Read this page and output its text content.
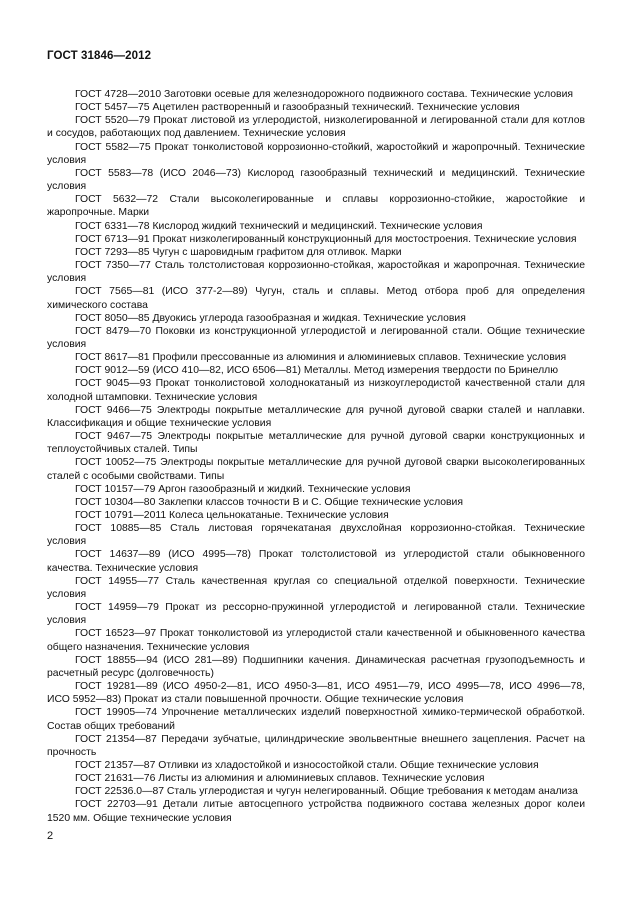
ГОСТ 31846—2012

ГОСТ 4728—2010 Заготовки осевые для железнодорожного подвижного состава. Технические условия

ГОСТ 5457—75 Ацетилен растворенный и газообразный технический. Технические условия

ГОСТ 5520—79 Прокат листовой из углеродистой, низколегированной и легированной стали для котлов и сосудов, работающих под давлением. Технические условия

ГОСТ 5582—75 Прокат тонколистовой коррозионно-стойкий, жаростойкий и жаропрочный. Технические условия

ГОСТ 5583—78 (ИСО 2046—73) Кислород газообразный технический и медицинский. Технические условия

ГОСТ 5632—72 Стали высоколегированные и сплавы коррозионно-стойкие, жаростойкие и жаропрочные. Марки

ГОСТ 6331—78 Кислород жидкий технический и медицинский. Технические условия

ГОСТ 6713—91 Прокат низколегированный конструкционный для мостостроения. Технические условия

ГОСТ 7293—85 Чугун с шаровидным графитом для отливок. Марки

ГОСТ 7350—77 Сталь толстолистовая коррозионно-стойкая, жаростойкая и жаропрочная. Технические условия

ГОСТ 7565—81 (ИСО 377-2—89) Чугун, сталь и сплавы. Метод отбора проб для определения химического состава

ГОСТ 8050—85 Двуокись углерода газообразная и жидкая. Технические условия

ГОСТ 8479—70 Поковки из конструкционной углеродистой и легированной стали. Общие технические условия

ГОСТ 8617—81 Профили прессованные из алюминия и алюминиевых сплавов. Технические условия

ГОСТ 9012—59 (ИСО 410—82, ИСО 6506—81) Металлы. Метод измерения твердости по Бринеллю

ГОСТ 9045—93 Прокат тонколистовой холоднокатаный из низкоуглеродистой качественной стали для холодной штамповки. Технические условия

ГОСТ 9466—75 Электроды покрытые металлические для ручной дуговой сварки сталей и наплавки. Классификация и общие технические условия

ГОСТ 9467—75 Электроды покрытые металлические для ручной дуговой сварки конструкционных и теплоустойчивых сталей. Типы

ГОСТ 10052—75 Электроды покрытые металлические для ручной дуговой сварки высоколегированных сталей с особыми свойствами. Типы

ГОСТ 10157—79 Аргон газообразный и жидкий. Технические условия

ГОСТ 10304—80 Заклепки классов точности В и С. Общие технические условия

ГОСТ 10791—2011 Колеса цельнокатаные. Технические условия

ГОСТ 10885—85 Сталь листовая горячекатаная двухслойная коррозионно-стойкая. Технические условия

ГОСТ 14637—89 (ИСО 4995—78) Прокат толстолистовой из углеродистой стали обыкновенного качества. Технические условия

ГОСТ 14955—77 Сталь качественная круглая со специальной отделкой поверхности. Технические условия

ГОСТ 14959—79 Прокат из рессорно-пружинной углеродистой и легированной стали. Технические условия

ГОСТ 16523—97 Прокат тонколистовой из углеродистой стали качественной и обыкновенного качества общего назначения. Технические условия

ГОСТ 18855—94 (ИСО 281—89) Подшипники качения. Динамическая расчетная грузоподъемность и расчетный ресурс (долговечность)

ГОСТ 19281—89 (ИСО 4950-2—81, ИСО 4950-3—81, ИСО 4951—79, ИСО 4995—78, ИСО 4996—78, ИСО 5952—83) Прокат из стали повышенной прочности. Общие технические условия

ГОСТ 19905—74 Упрочнение металлических изделий поверхностной химико-термической обработкой. Состав общих требований

ГОСТ 21354—87 Передачи зубчатые, цилиндрические эвольвентные внешнего зацепления. Расчет на прочность

ГОСТ 21357—87 Отливки из хладостойкой и износостойкой стали. Общие технические условия

ГОСТ 21631—76 Листы из алюминия и алюминиевых сплавов. Технические условия

ГОСТ 22536.0—87 Сталь углеродистая и чугун нелегированный. Общие требования к методам анализа

ГОСТ 22703—91 Детали литые автосцепного устройства подвижного состава железных дорог колеи 1520 мм. Общие технические условия

2
